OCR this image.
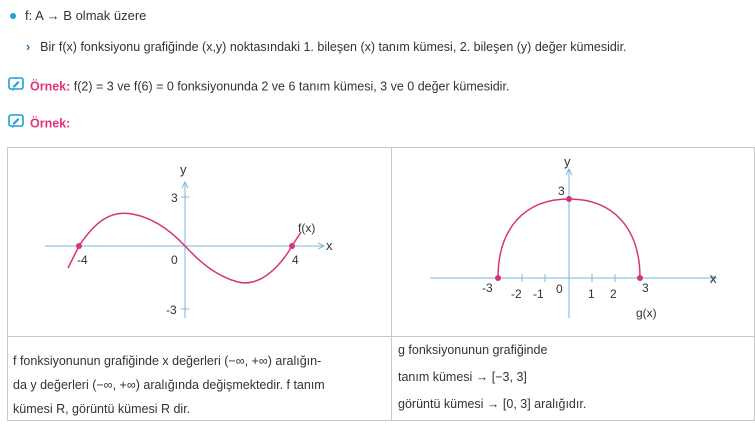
f: A → B olmak üzere
› Bir f(x) fonksiyonu grafiğinde (x,y) noktasındaki 1. bileşen (x) tanım kümesi, 2. bileşen (y) değer kümesidir.
Örnek: f(2) = 3 ve f(6) = 0 fonksiyonunda 2 ve 6 tanım kümesi, 3 ve 0 değer kümesidir.
Örnek:
y
x
3
-3
-4	0	4
f(x)
y
x
3
-3 -2 -1 0 1 2 3
g(x)
f fonksiyonunun grafiğinde x değerleri (−∞, +∞) aralığın-
da y değerleri (−∞, +∞) aralığında değişmektedir. f tanım
kümesi R, görüntü kümesi R dir.
g fonksiyonunun grafiğinde
tanım kümesi → [−3, 3]
görüntü kümesi → [0, 3] aralığıdır.
